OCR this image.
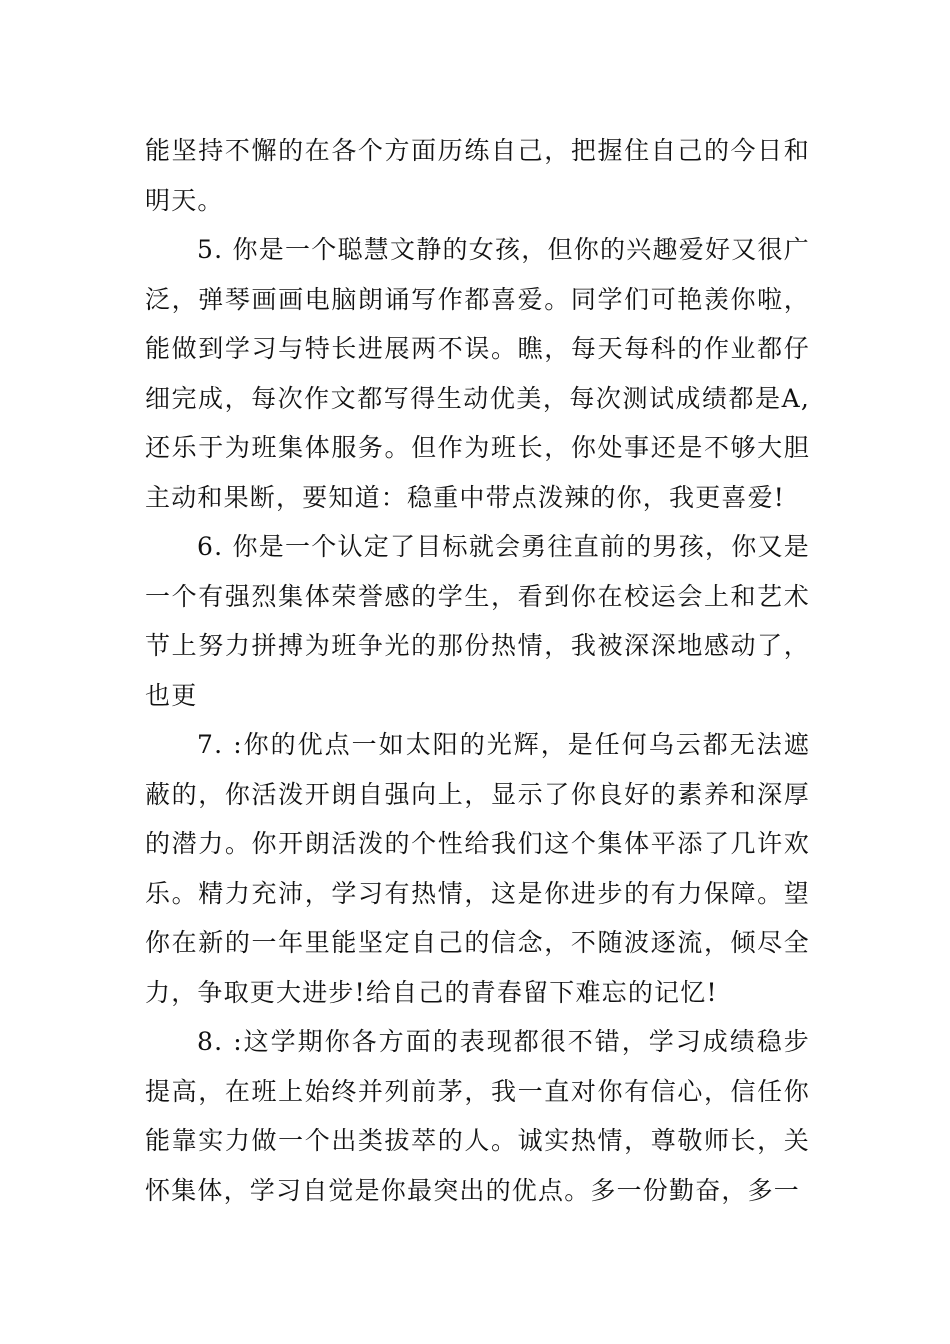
能坚持不懈的在各个方面历练自己，把握住自己的今日和明天。

5. 你是一个聪慧文静的女孩，但你的兴趣爱好又很广泛，弹琴画画电脑朗诵写作都喜爱。同学们可艳羡你啦，能做到学习与特长进展两不误。瞧，每天每科的作业都仔细完成，每次作文都写得生动优美，每次测试成绩都是A,还乐于为班集体服务。但作为班长，你处事还是不够大胆主动和果断，要知道：稳重中带点泼辣的你，我更喜爱!

6. 你是一个认定了目标就会勇往直前的男孩，你又是一个有强烈集体荣誉感的学生，看到你在校运会上和艺术节上努力拼搏为班争光的那份热情，我被深深地感动了，也更

7. :你的优点一如太阳的光辉，是任何乌云都无法遮蔽的，你活泼开朗自强向上，显示了你良好的素养和深厚的潜力。你开朗活泼的个性给我们这个集体平添了几许欢乐。精力充沛，学习有热情，这是你进步的有力保障。望你在新的一年里能坚定自己的信念，不随波逐流，倾尽全力，争取更大进步!给自己的青春留下难忘的记忆!

8. :这学期你各方面的表现都很不错，学习成绩稳步提高，在班上始终并列前茅，我一直对你有信心，信任你能靠实力做一个出类拔萃的人。诚实热情，尊敬师长，关怀集体，学习自觉是你最突出的优点。多一份勤奋，多一
